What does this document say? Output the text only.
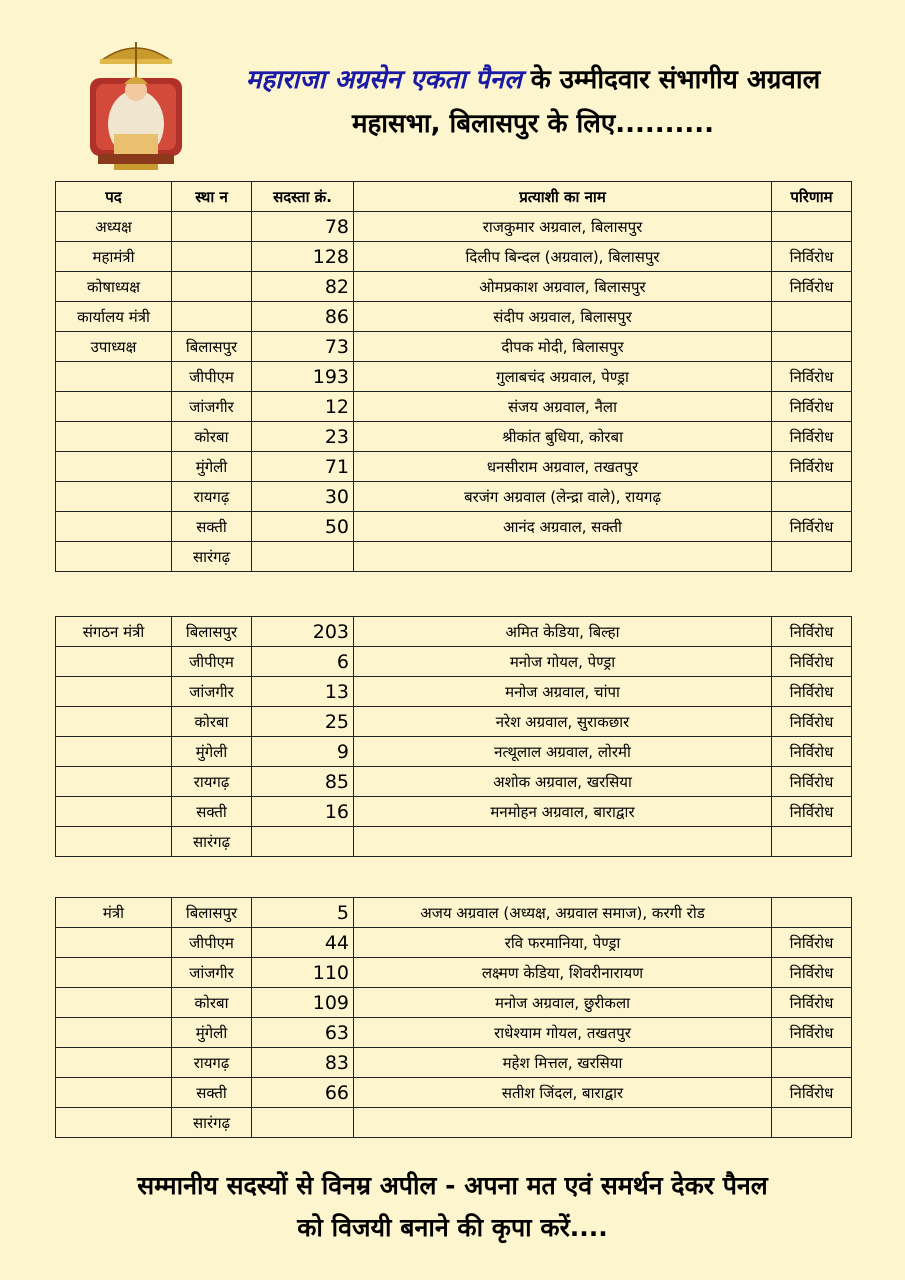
महाराजा अग्रसेन एकता पैनल के उम्मीदवार संभागीय अग्रवाल
महासभा, बिलासपुर के लिए..........
पद	स्था न	सदस्ता क्रं.	प्रत्याशी का नाम	परिणाम
अध्यक्ष		78	राजकुमार अग्रवाल, बिलासपुर	
महामंत्री		128	दिलीप बिन्दल (अग्रवाल), बिलासपुर	निर्विरोध
कोषाध्यक्ष		82	ओमप्रकाश अग्रवाल, बिलासपुर	निर्विरोध
कार्यालय मंत्री		86	संदीप अग्रवाल, बिलासपुर	
उपाध्यक्ष	बिलासपुर	73	दीपक मोदी, बिलासपुर	
	जीपीएम	193	गुलाबचंद अग्रवाल, पेण्ड्रा	निर्विरोध
	जांजगीर	12	संजय अग्रवाल, नैला	निर्विरोध
	कोरबा	23	श्रीकांत बुधिया, कोरबा	निर्विरोध
	मुंगेली	71	धनसीराम अग्रवाल, तखतपुर	निर्विरोध
	रायगढ़	30	बरजंग अग्रवाल (लेन्द्रा वाले), रायगढ़	
	सक्ती	50	आनंद अग्रवाल, सक्ती	निर्विरोध
	सारंगढ़			
संगठन मंत्री	बिलासपुर	203	अमित केडिया, बिल्हा	निर्विरोध
	जीपीएम	6	मनोज गोयल, पेण्ड्रा	निर्विरोध
	जांजगीर	13	मनोज अग्रवाल, चांपा	निर्विरोध
	कोरबा	25	नरेश अग्रवाल, सुराकछार	निर्विरोध
	मुंगेली	9	नत्थूलाल अग्रवाल, लोरमी	निर्विरोध
	रायगढ़	85	अशोक अग्रवाल, खरसिया	निर्विरोध
	सक्ती	16	मनमोहन अग्रवाल, बाराद्वार	निर्विरोध
	सारंगढ़			
मंत्री	बिलासपुर	5	अजय अग्रवाल (अध्यक्ष, अग्रवाल समाज), करगी रोड	
	जीपीएम	44	रवि फरमानिया, पेण्ड्रा	निर्विरोध
	जांजगीर	110	लक्ष्मण केडिया, शिवरीनारायण	निर्विरोध
	कोरबा	109	मनोज अग्रवाल, छुरीकला	निर्विरोध
	मुंगेली	63	राधेश्याम गोयल, तखतपुर	निर्विरोध
	रायगढ़	83	महेश मित्तल, खरसिया	
	सक्ती	66	सतीश जिंदल, बाराद्वार	निर्विरोध
	सारंगढ़			
सम्मानीय सदस्यों से विनम्र अपील - अपना मत एवं समर्थन देकर पैनल
को विजयी बनाने की कृपा करें....
